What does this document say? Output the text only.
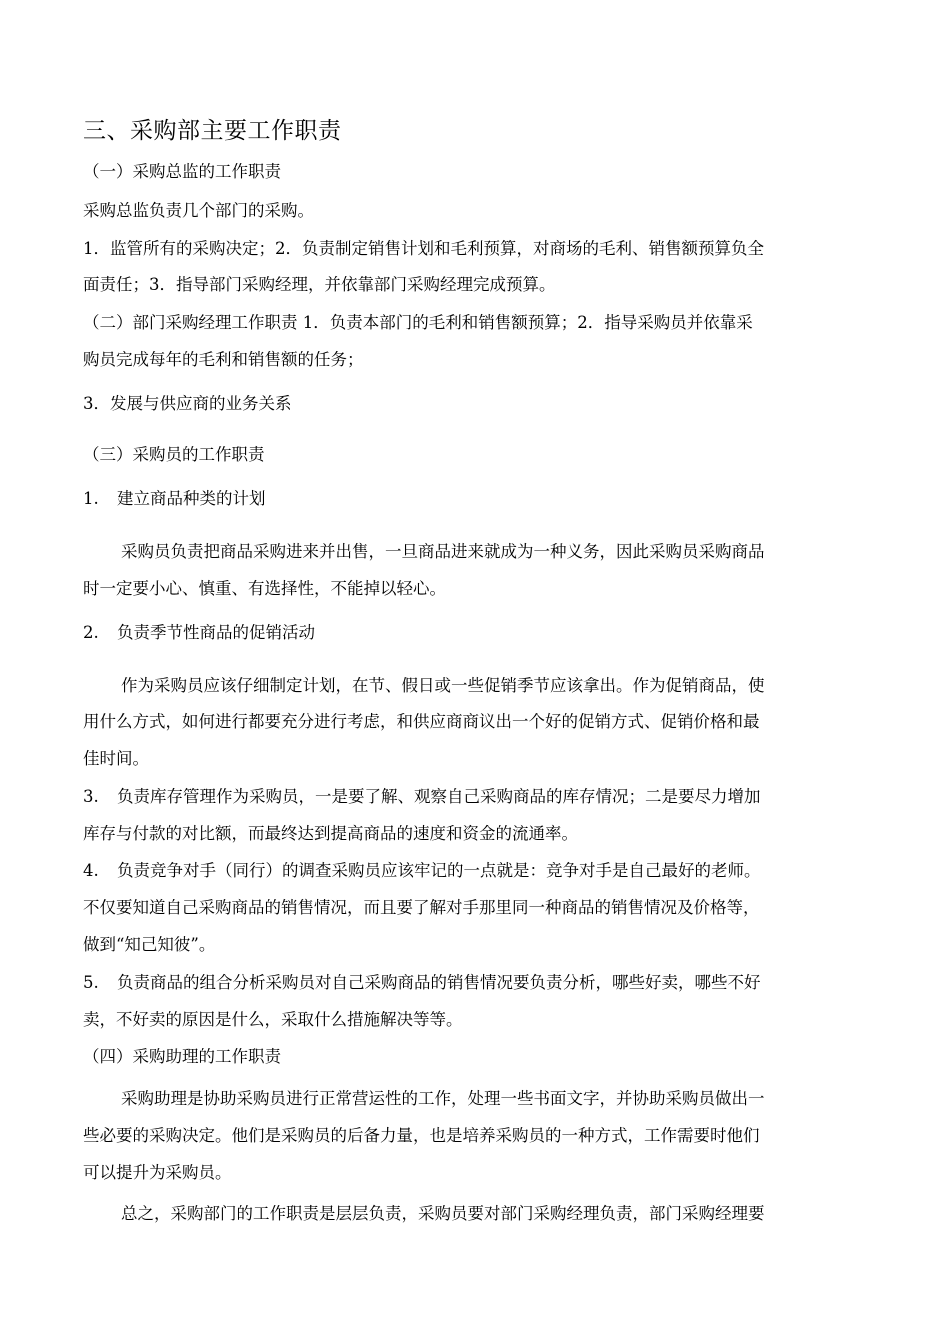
三、采购部主要工作职责

（一）采购总监的工作职责

采购总监负责几个部门的采购。

1．监管所有的采购决定；2．负责制定销售计划和毛利预算，对商场的毛利、销售额预算负全

面责任；3．指导部门采购经理，并依靠部门采购经理完成预算。

（二）部门采购经理工作职责 1．负责本部门的毛利和销售额预算；2．指导采购员并依靠采

购员完成每年的毛利和销售额的任务；

3．发展与供应商的业务关系

（三）采购员的工作职责

1. 建立商品种类的计划

采购员负责把商品采购进来并出售，一旦商品进来就成为一种义务，因此采购员采购商品

时一定要小心、慎重、有选择性，不能掉以轻心。

2. 负责季节性商品的促销活动

作为采购员应该仔细制定计划，在节、假日或一些促销季节应该拿出。作为促销商品，使

用什么方式，如何进行都要充分进行考虑，和供应商商议出一个好的促销方式、促销价格和最

佳时间。

3. 负责库存管理作为采购员，一是要了解、观察自己采购商品的库存情况；二是要尽力增加

库存与付款的对比额，而最终达到提高商品的速度和资金的流通率。

4. 负责竞争对手（同行）的调查采购员应该牢记的一点就是：竞争对手是自己最好的老师。

不仅要知道自己采购商品的销售情况，而且要了解对手那里同一种商品的销售情况及价格等，

做到“知己知彼”。

5. 负责商品的组合分析采购员对自己采购商品的销售情况要负责分析，哪些好卖，哪些不好

卖，不好卖的原因是什么，采取什么措施解决等等。

（四）采购助理的工作职责

采购助理是协助采购员进行正常营运性的工作，处理一些书面文字，并协助采购员做出一

些必要的采购决定。他们是采购员的后备力量，也是培养采购员的一种方式，工作需要时他们

可以提升为采购员。

总之，采购部门的工作职责是层层负责，采购员要对部门采购经理负责，部门采购经理要
